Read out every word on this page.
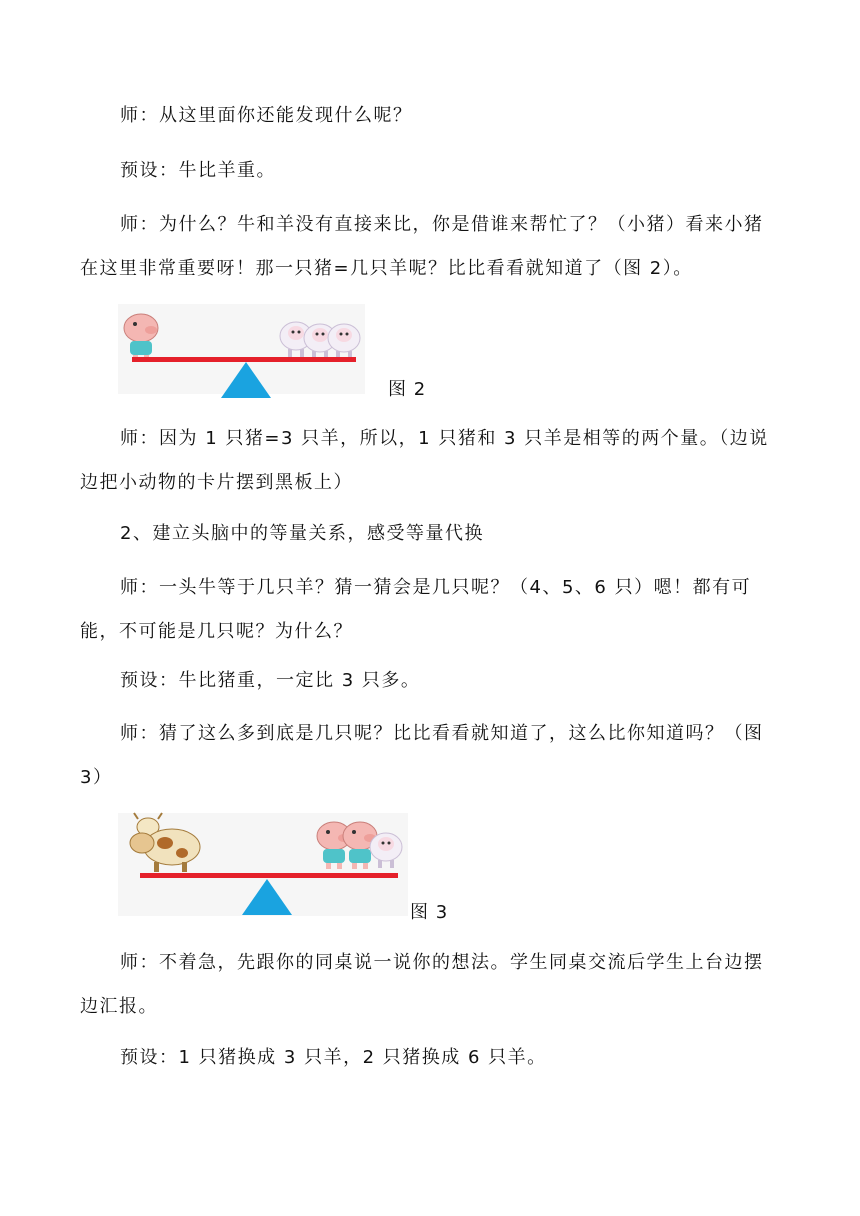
师：从这里面你还能发现什么呢？

预设：牛比羊重。

师：为什么？牛和羊没有直接来比，你是借谁来帮忙了？（小猪）看来小猪在这里非常重要呀！那一只猪=几只羊呢？比比看看就知道了（图 2）。

图 2

师：因为 1 只猪=3 只羊，所以，1 只猪和 3 只羊是相等的两个量。（边说边把小动物的卡片摆到黑板上）

2、建立头脑中的等量关系，感受等量代换

师：一头牛等于几只羊？猜一猜会是几只呢？（4、5、6 只）嗯！都有可能，不可能是几只呢？为什么？

预设：牛比猪重，一定比 3 只多。

师：猜了这么多到底是几只呢？比比看看就知道了，这么比你知道吗？（图 3）

图 3

师：不着急，先跟你的同桌说一说你的想法。学生同桌交流后学生上台边摆边汇报。

预设：1 只猪换成 3 只羊，2 只猪换成 6 只羊。
